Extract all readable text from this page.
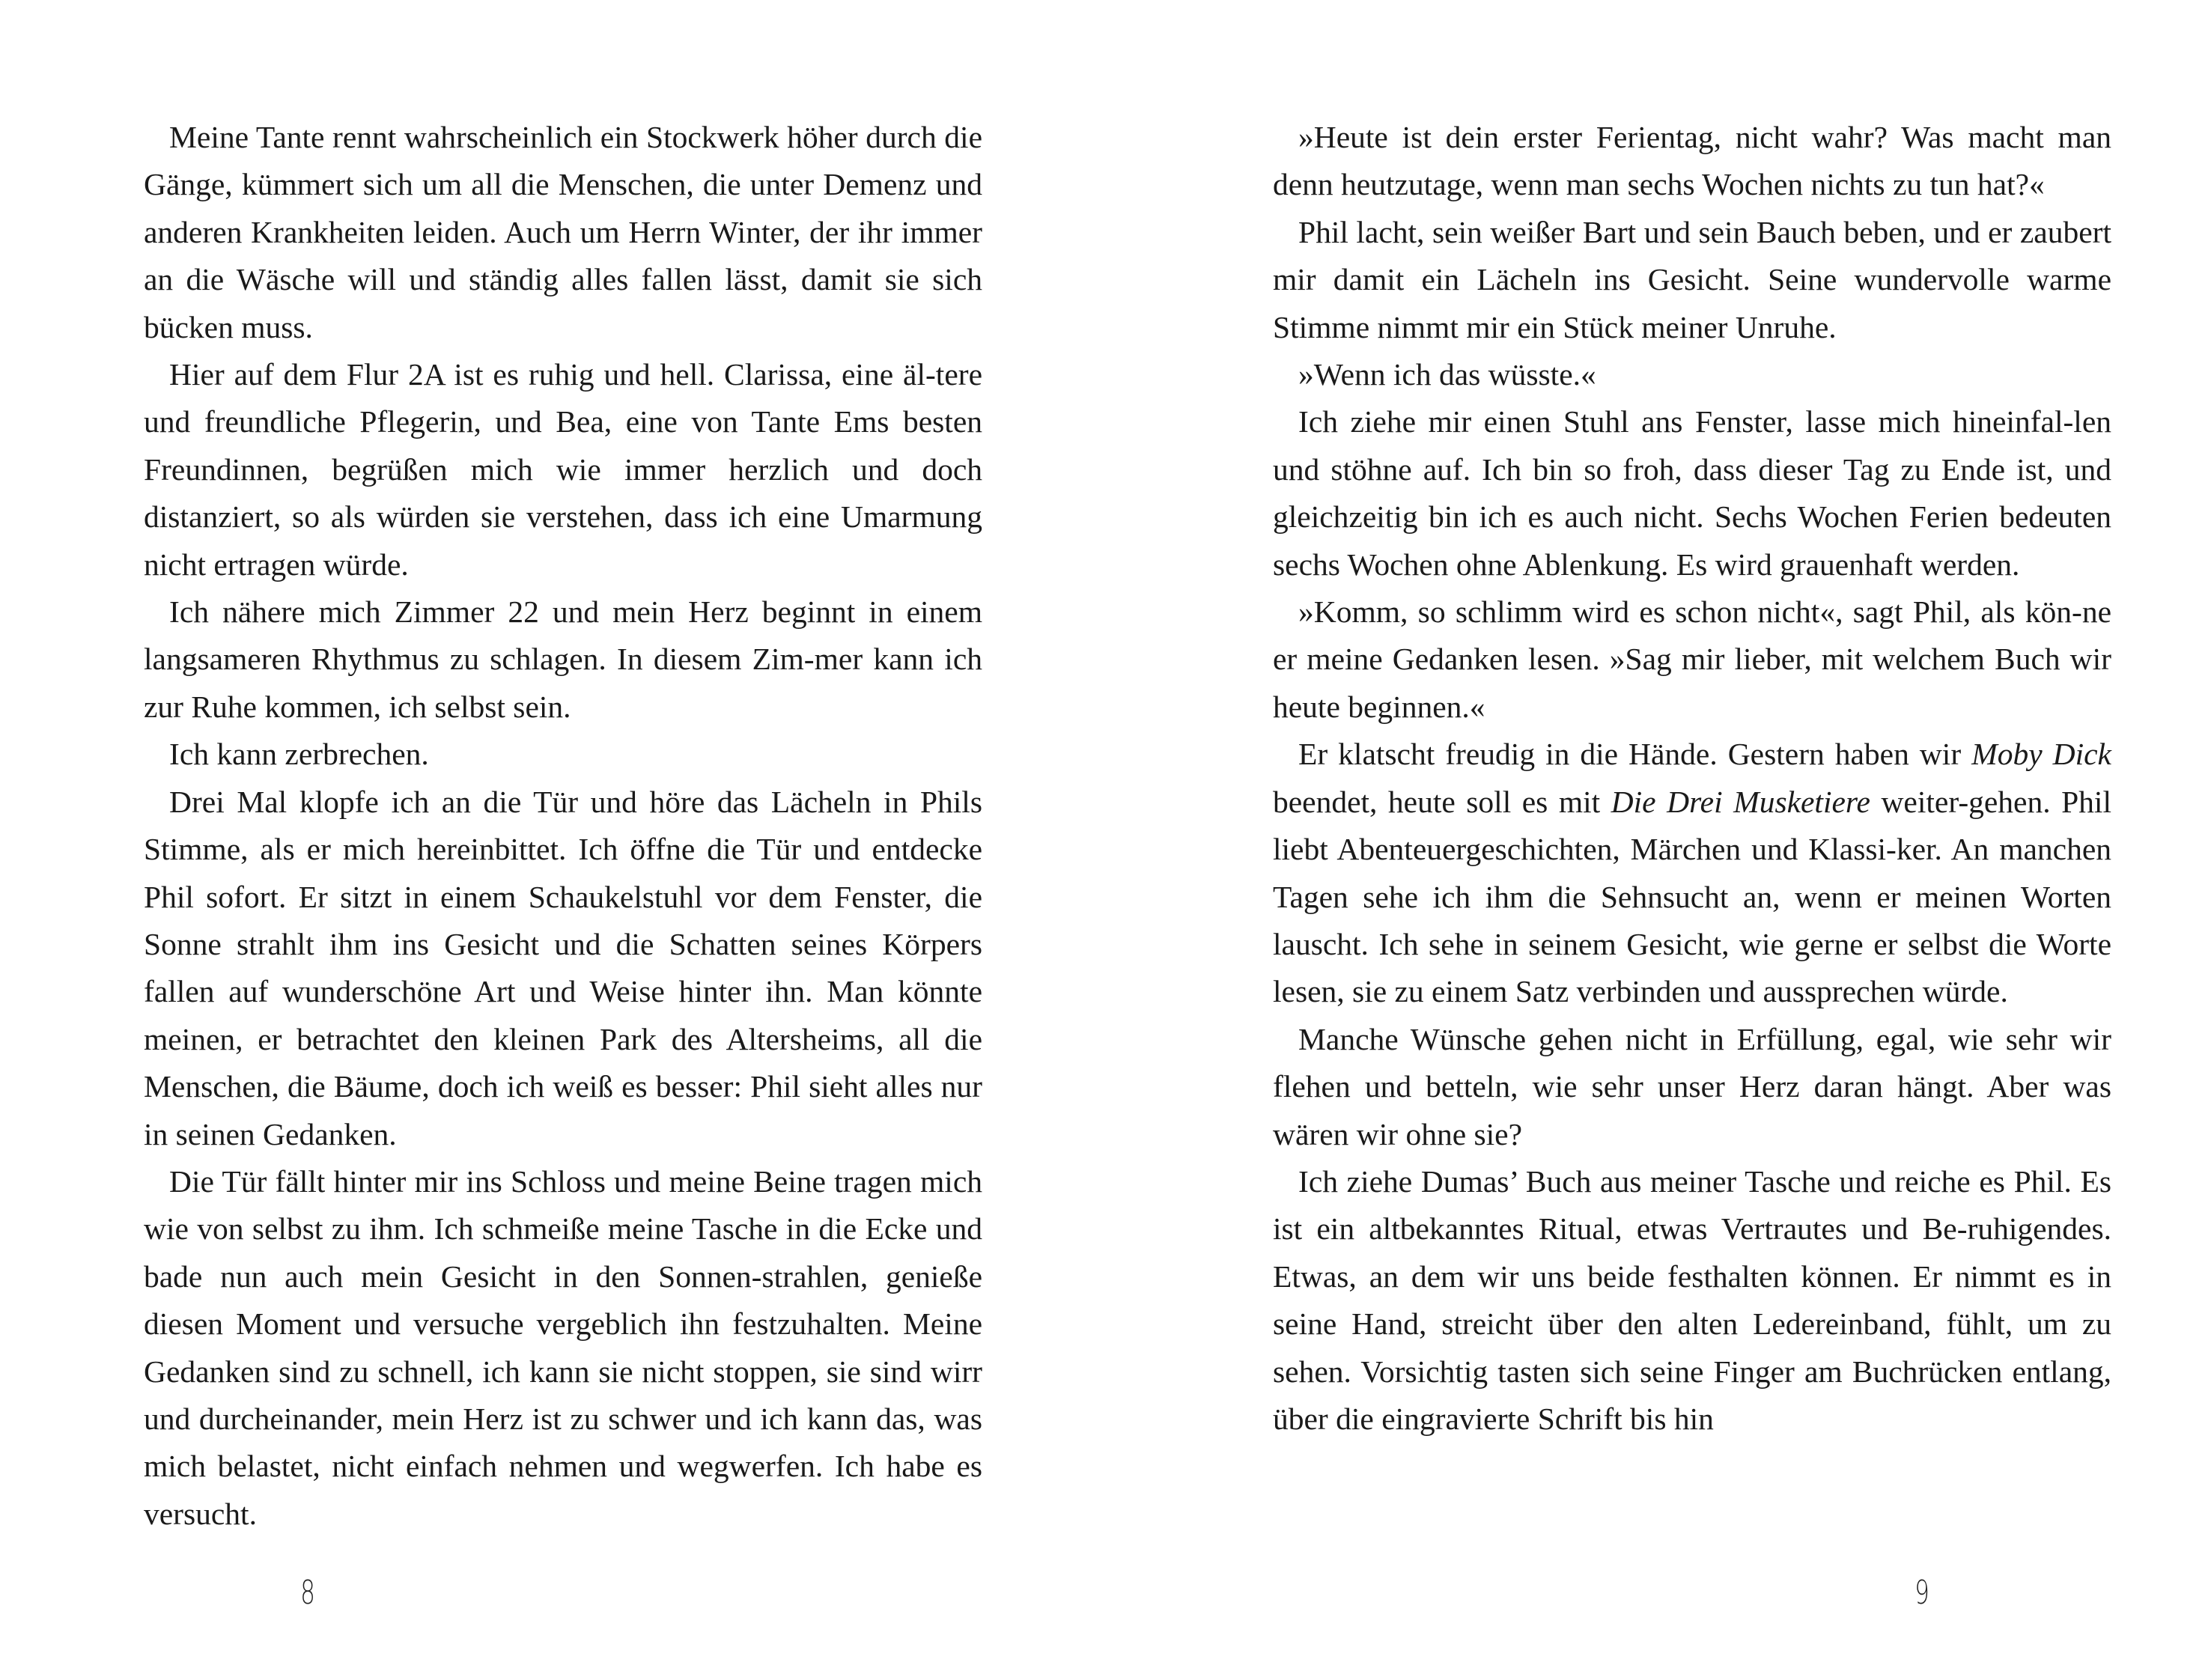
Meine Tante rennt wahrscheinlich ein Stockwerk höher durch die Gänge, kümmert sich um all die Menschen, die unter Demenz und anderen Krankheiten leiden. Auch um Herrn Winter, der ihr immer an die Wäsche will und ständig alles fallen lässt, damit sie sich bücken muss.

Hier auf dem Flur 2A ist es ruhig und hell. Clarissa, eine äl-tere und freundliche Pflegerin, und Bea, eine von Tante Ems besten Freundinnen, begrüßen mich wie immer herzlich und doch distanziert, so als würden sie verstehen, dass ich eine Umarmung nicht ertragen würde.

Ich nähere mich Zimmer 22 und mein Herz beginnt in einem langsameren Rhythmus zu schlagen. In diesem Zim-mer kann ich zur Ruhe kommen, ich selbst sein.

Ich kann zerbrechen.

Drei Mal klopfe ich an die Tür und höre das Lächeln in Phils Stimme, als er mich hereinbittet. Ich öffne die Tür und entdecke Phil sofort. Er sitzt in einem Schaukelstuhl vor dem Fenster, die Sonne strahlt ihm ins Gesicht und die Schatten seines Körpers fallen auf wunderschöne Art und Weise hinter ihn. Man könnte meinen, er betrachtet den kleinen Park des Altersheims, all die Menschen, die Bäume, doch ich weiß es besser: Phil sieht alles nur in seinen Gedanken.

Die Tür fällt hinter mir ins Schloss und meine Beine tragen mich wie von selbst zu ihm. Ich schmeiße meine Tasche in die Ecke und bade nun auch mein Gesicht in den Sonnen-strahlen, genieße diesen Moment und versuche vergeblich ihn festzuhalten. Meine Gedanken sind zu schnell, ich kann sie nicht stoppen, sie sind wirr und durcheinander, mein Herz ist zu schwer und ich kann das, was mich belastet, nicht einfach nehmen und wegwerfen. Ich habe es versucht.

8

»Heute ist dein erster Ferientag, nicht wahr? Was macht man denn heutzutage, wenn man sechs Wochen nichts zu tun hat?«

Phil lacht, sein weißer Bart und sein Bauch beben, und er zaubert mir damit ein Lächeln ins Gesicht. Seine wundervolle warme Stimme nimmt mir ein Stück meiner Unruhe.

»Wenn ich das wüsste.«

Ich ziehe mir einen Stuhl ans Fenster, lasse mich hineinfal-len und stöhne auf. Ich bin so froh, dass dieser Tag zu Ende ist, und gleichzeitig bin ich es auch nicht. Sechs Wochen Ferien bedeuten sechs Wochen ohne Ablenkung. Es wird grauenhaft werden.

»Komm, so schlimm wird es schon nicht«, sagt Phil, als kön-ne er meine Gedanken lesen. »Sag mir lieber, mit welchem Buch wir heute beginnen.«

Er klatscht freudig in die Hände. Gestern haben wir Moby Dick beendet, heute soll es mit Die Drei Musketiere weiter-gehen. Phil liebt Abenteuergeschichten, Märchen und Klassi-ker. An manchen Tagen sehe ich ihm die Sehnsucht an, wenn er meinen Worten lauscht. Ich sehe in seinem Gesicht, wie gerne er selbst die Worte lesen, sie zu einem Satz verbinden und aussprechen würde.

Manche Wünsche gehen nicht in Erfüllung, egal, wie sehr wir flehen und betteln, wie sehr unser Herz daran hängt. Aber was wären wir ohne sie?

Ich ziehe Dumas’ Buch aus meiner Tasche und reiche es Phil. Es ist ein altbekanntes Ritual, etwas Vertrautes und Be-ruhigendes. Etwas, an dem wir uns beide festhalten können. Er nimmt es in seine Hand, streicht über den alten Ledereinband, fühlt, um zu sehen. Vorsichtig tasten sich seine Finger am Buchrücken entlang, über die eingravierte Schrift bis hin

9
